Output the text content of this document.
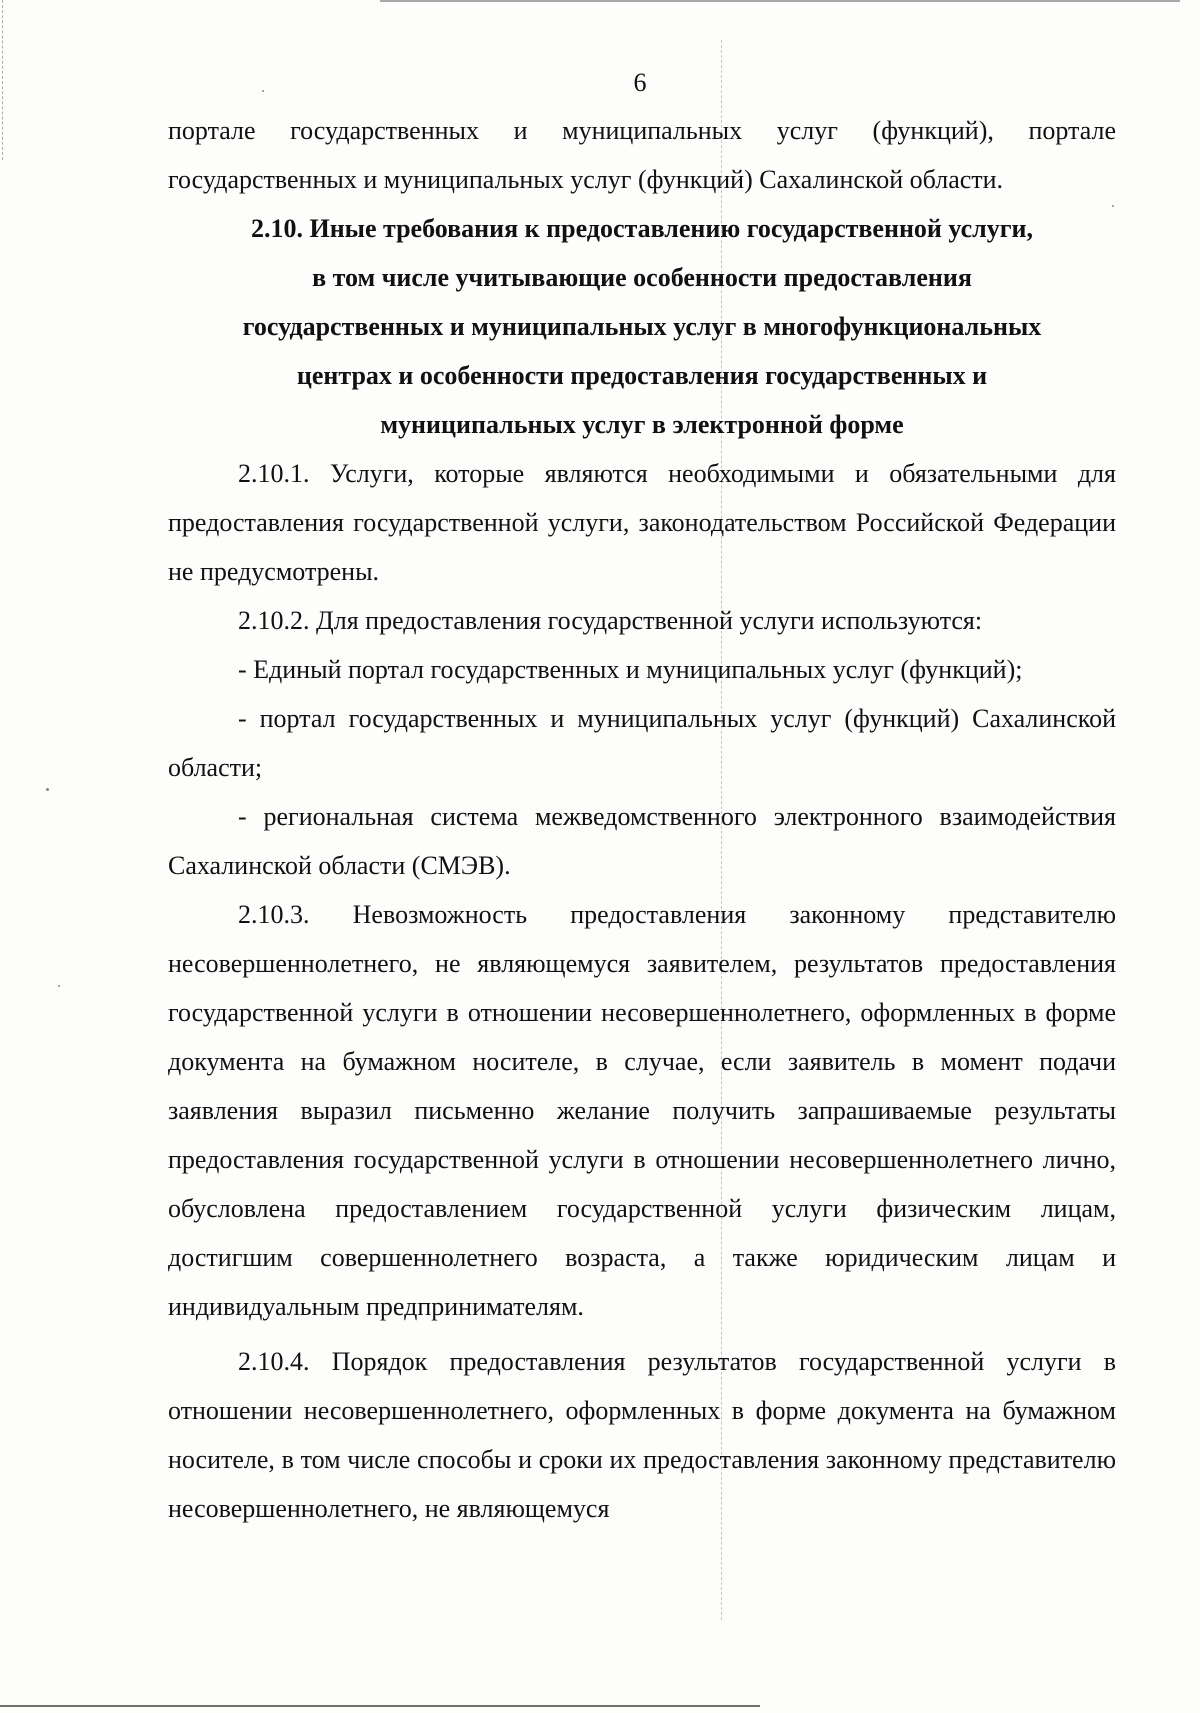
6

портале государственных и муниципальных услуг (функций), портале государственных и муниципальных услуг (функций) Сахалинской области.

2.10. Иные требования к предоставлению государственной услуги,
в том числе учитывающие особенности предоставления
государственных и муниципальных услуг в многофункциональных
центрах и особенности предоставления государственных и
муниципальных услуг в электронной форме

2.10.1. Услуги, которые являются необходимыми и обязательными для предоставления государственной услуги, законодательством Российской Федерации не предусмотрены.

2.10.2. Для предоставления государственной услуги используются:

- Единый портал государственных и муниципальных услуг (функций);

- портал государственных и муниципальных услуг (функций) Сахалинской области;

- региональная система межведомственного электронного взаимодействия Сахалинской области (СМЭВ).

2.10.3. Невозможность предоставления законному представителю несовершеннолетнего, не являющемуся заявителем, результатов предоставления государственной услуги в отношении несовершеннолетнего, оформленных в форме документа на бумажном носителе, в случае, если заявитель в момент подачи заявления выразил письменно желание получить запрашиваемые результаты предоставления государственной услуги в отношении несовершеннолетнего лично, обусловлена предоставлением государственной услуги физическим лицам, достигшим совершеннолетнего возраста, а также юридическим лицам и индивидуальным предпринимателям.

2.10.4. Порядок предоставления результатов государственной услуги в отношении несовершеннолетнего, оформленных в форме документа на бумажном носителе, в том числе способы и сроки их предоставления законному представителю несовершеннолетнего, не являющемуся
